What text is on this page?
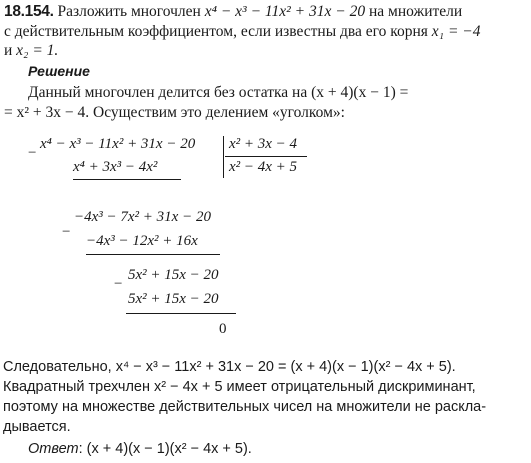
18.154. Разложить многочлен x⁴ − x³ − 11x² + 31x − 20 на множители
с действительным коэффициентом, если известны два его корня x₁ = −4
и x₂ = 1.
Решение
Данный многочлен делится без остатка на (x + 4)(x − 1) =
= x² + 3x − 4. Осуществим это делением «уголком»:
−
x⁴ − x³ − 11x² + 31x − 20 x² + 3x − 4
x² − 4x + 5
x⁴ + 3x³ − 4x²
−
−4x³ − 7x² + 31x − 20
−4x³ − 12x² + 16x
−
5x² + 15x − 20
5x² + 15x − 20
0
Следовательно, x⁴ − x³ − 11x² + 31x − 20 = (x + 4)(x − 1)(x² − 4x + 5).
Квадратный трехчлен x² − 4x + 5 имеет отрицательный дискриминант,
поэтому на множестве действительных чисел на множители не раскла-
дывается.
Ответ: (x + 4)(x − 1)(x² − 4x + 5).
